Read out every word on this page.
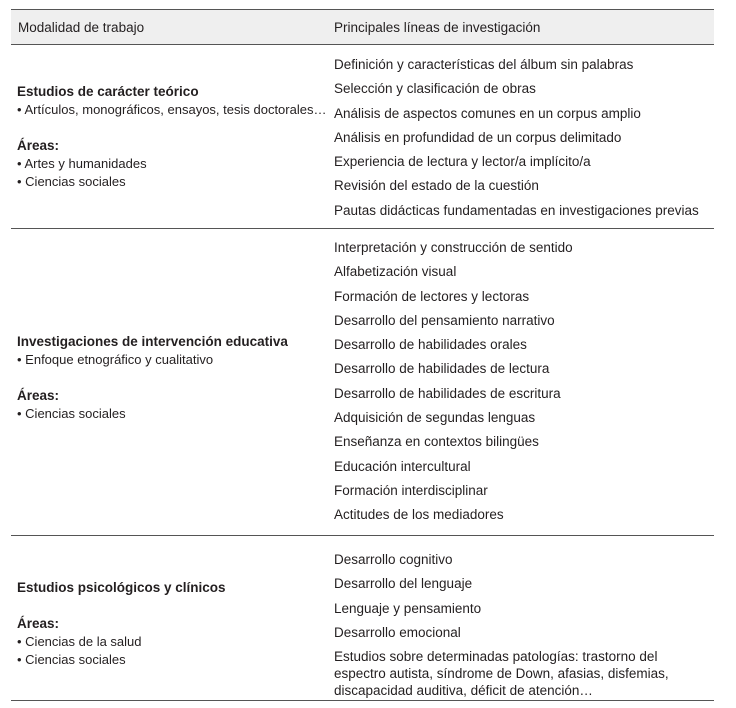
Modalidad de trabajo	Principales líneas de investigación
Estudios de carácter teórico
• Artículos, monográficos, ensayos, tesis doctorales…
Áreas:
• Artes y humanidades
• Ciencias sociales
Definición y características del álbum sin palabras
Selección y clasificación de obras
Análisis de aspectos comunes en un corpus amplio
Análisis en profundidad de un corpus delimitado
Experiencia de lectura y lector/a implícito/a
Revisión del estado de la cuestión
Pautas didácticas fundamentadas en investigaciones previas
Investigaciones de intervención educativa
• Enfoque etnográfico y cualitativo
Áreas:
• Ciencias sociales
Interpretación y construcción de sentido
Alfabetización visual
Formación de lectores y lectoras
Desarrollo del pensamiento narrativo
Desarrollo de habilidades orales
Desarrollo de habilidades de lectura
Desarrollo de habilidades de escritura
Adquisición de segundas lenguas
Enseñanza en contextos bilingües
Educación intercultural
Formación interdisciplinar
Actitudes de los mediadores
Estudios psicológicos y clínicos
Áreas:
• Ciencias de la salud
• Ciencias sociales
Desarrollo cognitivo
Desarrollo del lenguaje
Lenguaje y pensamiento
Desarrollo emocional
Estudios sobre determinadas patologías: trastorno del espectro autista, síndrome de Down, afasias, disfemias, discapacidad auditiva, déficit de atención…
